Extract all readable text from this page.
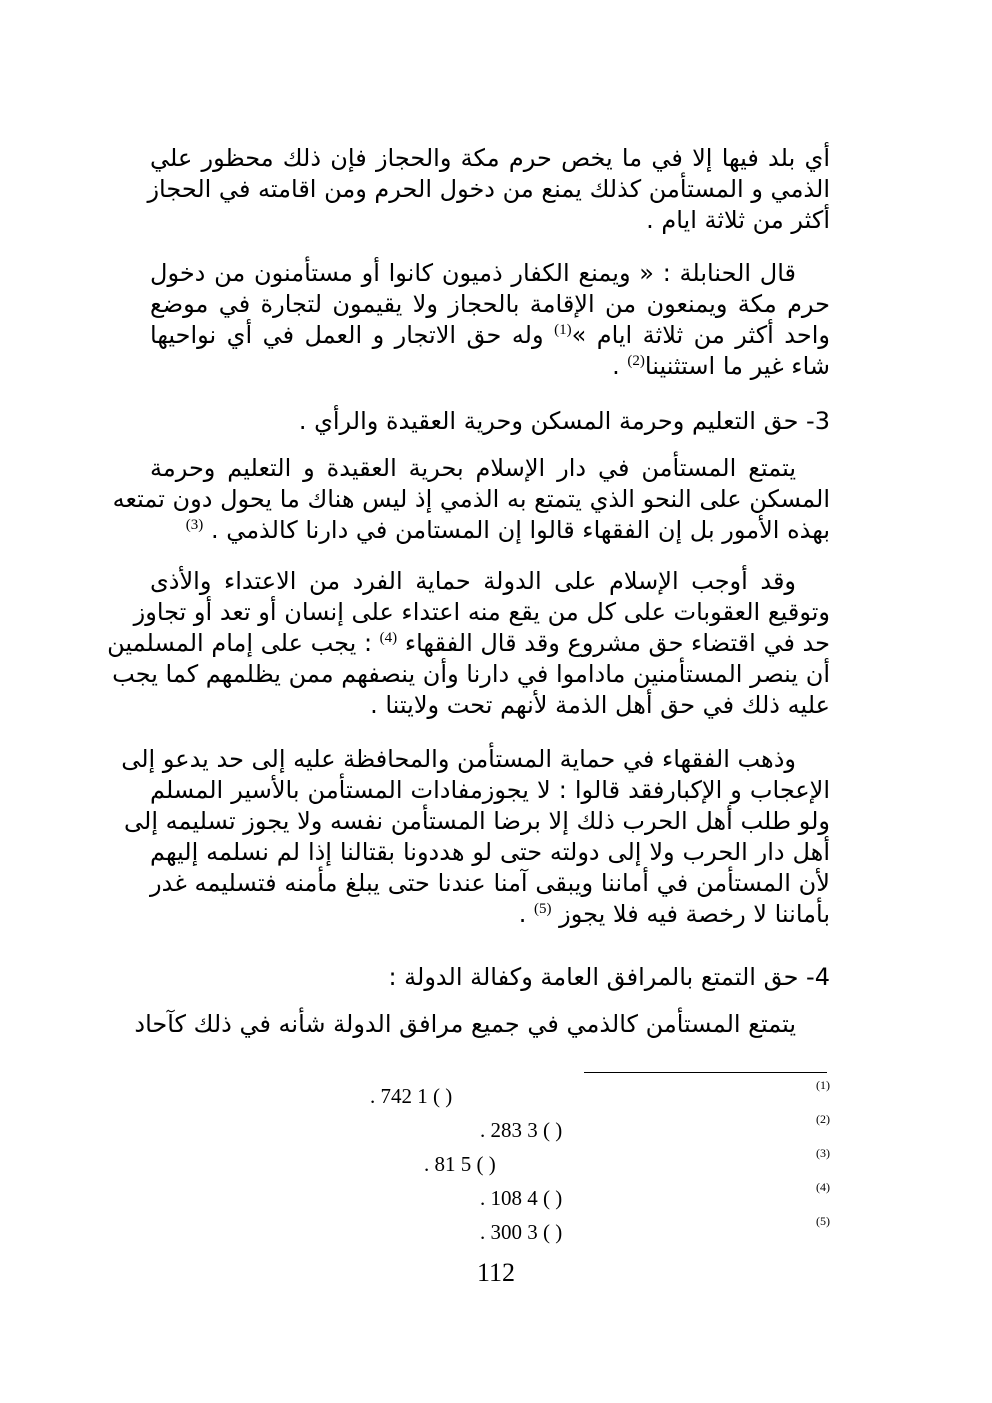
أي بلد فيها إلا في ما يخص حرم مكة والحجاز فإن ذلك محظور علي
الذمي و المستأمن كذلك يمنع من دخول الحرم ومن اقامته في الحجاز
أكثر من ثلاثة ايام .
قال الحنابلة : « ويمنع الكفار ذميون كانوا أو مستأمنون من دخول
حرم مكة ويمنعون من الإقامة بالحجاز ولا يقيمون لتجارة في موضع
واحد أكثر من ثلاثة ايام »$^{(1)}$ وله حق الاتجار و العمل في أي نواحيها
شاء غير ما استثنينا$^{(2)}$ .
3- حق التعليم وحرمة المسكن وحرية العقيدة والرأي .
يتمتع المستأمن في دار الإسلام بحرية العقيدة و التعليم وحرمة
المسكن على النحو الذي يتمتع به الذمي إذ ليس هناك ما يحول دون تمتعه
بهذه الأمور بل إن الفقهاء قالوا إن المستامن في دارنا كالذمي . $^{(3)}$
وقد أوجب الإسلام على الدولة حماية الفرد من الاعتداء والأذى
وتوقيع العقوبات على كل من يقع منه اعتداء على إنسان أو تعد أو تجاوز
حد في اقتضاء حق مشروع وقد قال الفقهاء $^{(4)}$ : يجب على إمام المسلمين
أن ينصر المستأمنين ماداموا في دارنا وأن ينصفهم ممن يظلمهم كما يجب
عليه ذلك في حق أهل الذمة لأنهم تحت ولايتنا .
وذهب الفقهاء في حماية المستأمن والمحافظة عليه إلى حد يدعو إلى
الإعجاب و الإكبارفقد قالوا : لا يجوزمفادات المستأمن بالأسير المسلم
ولو طلب أهل الحرب ذلك إلا برضا المستأمن نفسه ولا يجوز تسليمه إلى
أهل دار الحرب ولا إلى دولته حتى لو هددونا بقتالنا إذا لم نسلمه إليهم
لأن المستأمن في أماننا ويبقى آمنا عندنا حتى يبلغ مأمنه فتسليمه غدر
بأماننا لا رخصة فيه فلا يجوز $^{(5)}$ .
4- حق التمتع بالمرافق العامة وكفالة الدولة :
يتمتع المستأمن كالذمي في جميع مرافق الدولة شأنه في ذلك كآحاد
(1)
. 742 1 ( )
(2)
. 283 3 ( )
(3)
. 81 5 ( )
(4)
. 108 4 ( )
(5)
. 300 3 ( )
112
